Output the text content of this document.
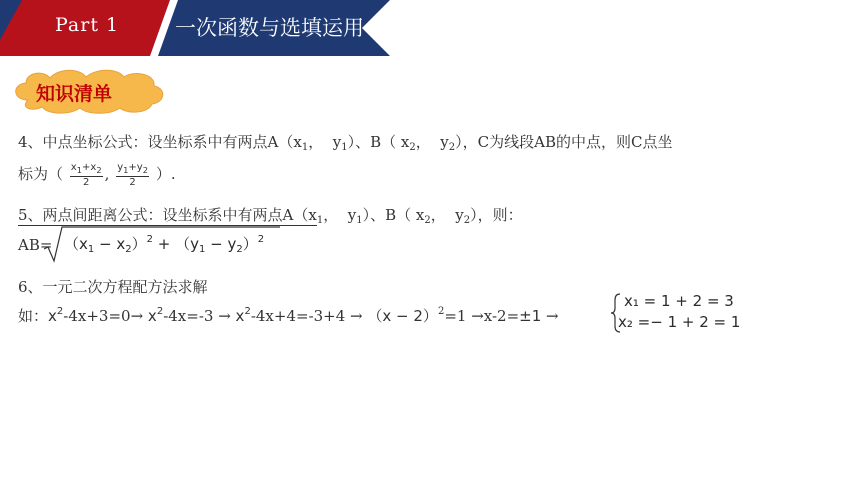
Part 1	一次函数与选填运用
知识清单
4、中点坐标公式：设坐标系中有两点$A(x_1$，  $y_1$）、B（ $x_2$，  $y_2$），C为线段AB的中点，则C点坐
标为（ $\frac{x_1+x_2}{2}$ , $\frac{y_1+y_2}{2}$ ）.
5、两点间距离公式：设坐标系中有两点$A(x_1$，  $y_1$）、B（ $x_2$，  $y_2$），则：
$AB= (x_1 - x_2)^2 + (y_1 - y_2)^2$
6、一元二次方程配方法求解
如：$x^2-4x+3=0\to x^2-4x=-3 \to x^2-4x+4=-3+4 \to (x - 2)^2=1 \to x-2=\pm 1$ →
x₁ = 1 + 2 = 3
x₂ =− 1 + 2 = 1
